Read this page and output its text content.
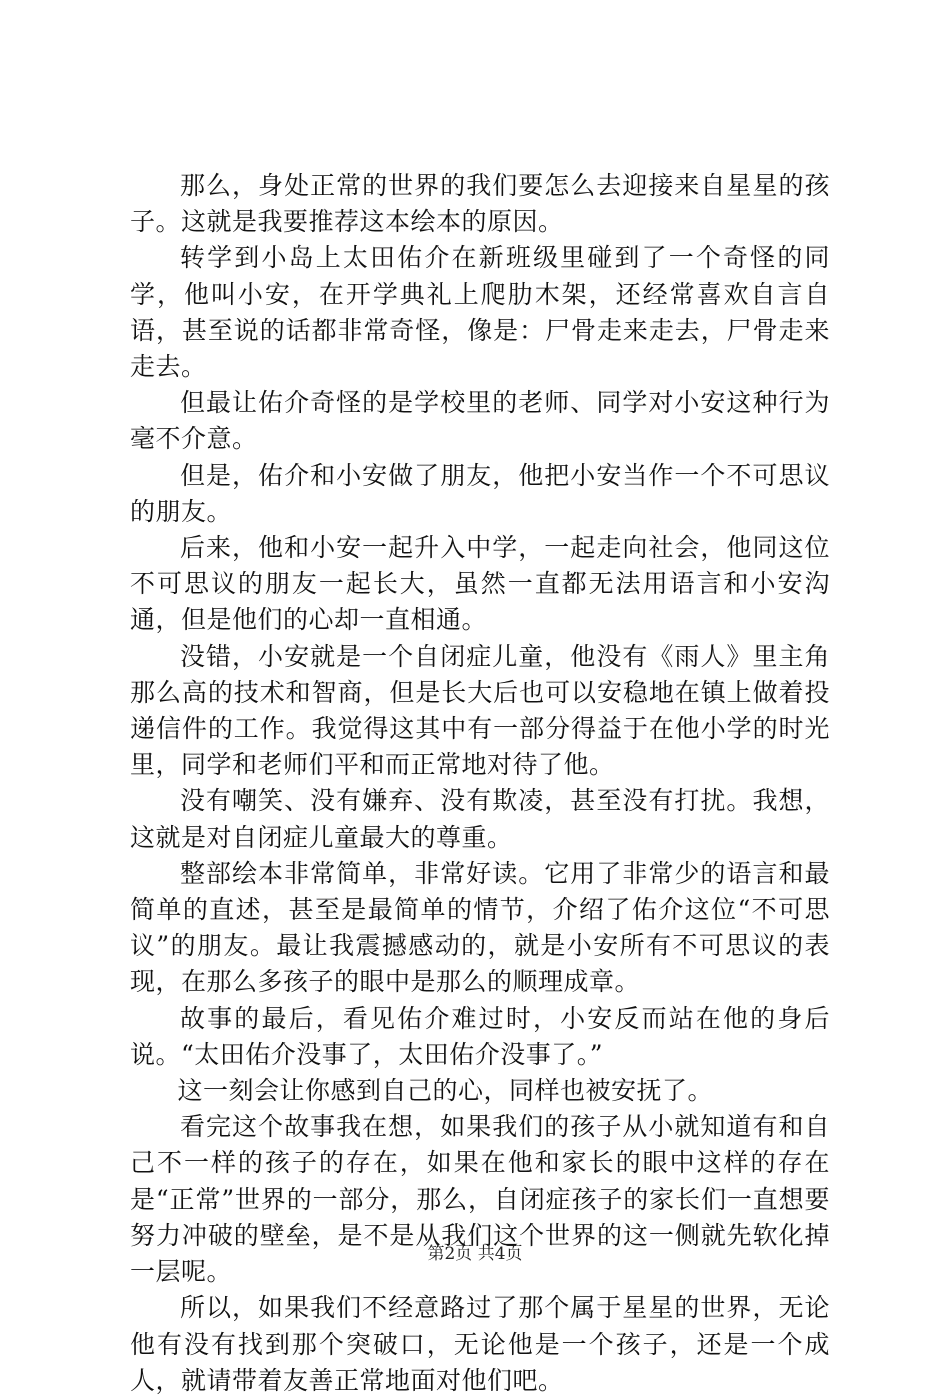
那么，身处正常的世界的我们要怎么去迎接来自星星的孩子。这就是我要推荐这本绘本的原因。

转学到小岛上太田佑介在新班级里碰到了一个奇怪的同学，他叫小安，在开学典礼上爬肋木架，还经常喜欢自言自语，甚至说的话都非常奇怪，像是：尸骨走来走去，尸骨走来走去。

但最让佑介奇怪的是学校里的老师、同学对小安这种行为毫不介意。

但是，佑介和小安做了朋友，他把小安当作一个不可思议的朋友。

后来，他和小安一起升入中学，一起走向社会，他同这位不可思议的朋友一起长大，虽然一直都无法用语言和小安沟通，但是他们的心却一直相通。

没错，小安就是一个自闭症儿童，他没有《雨人》里主角那么高的技术和智商，但是长大后也可以安稳地在镇上做着投递信件的工作。我觉得这其中有一部分得益于在他小学的时光里，同学和老师们平和而正常地对待了他。

没有嘲笑、没有嫌弃、没有欺凌，甚至没有打扰。我想，这就是对自闭症儿童最大的尊重。

整部绘本非常简单，非常好读。它用了非常少的语言和最简单的直述，甚至是最简单的情节，介绍了佑介这位“不可思议”的朋友。最让我震撼感动的，就是小安所有不可思议的表现，在那么多孩子的眼中是那么的顺理成章。

故事的最后，看见佑介难过时，小安反而站在他的身后说。“太田佑介没事了，太田佑介没事了。”

这一刻会让你感到自己的心，同样也被安抚了。

看完这个故事我在想，如果我们的孩子从小就知道有和自己不一样的孩子的存在，如果在他和家长的眼中这样的存在是“正常”世界的一部分，那么，自闭症孩子的家长们一直想要努力冲破的壁垒，是不是从我们这个世界的这一侧就先软化掉一层呢。

所以，如果我们不经意路过了那个属于星星的世界，无论他有没有找到那个突破口，无论他是一个孩子，还是一个成人，就请带着友善正常地面对他们吧。

第2页 共4页
